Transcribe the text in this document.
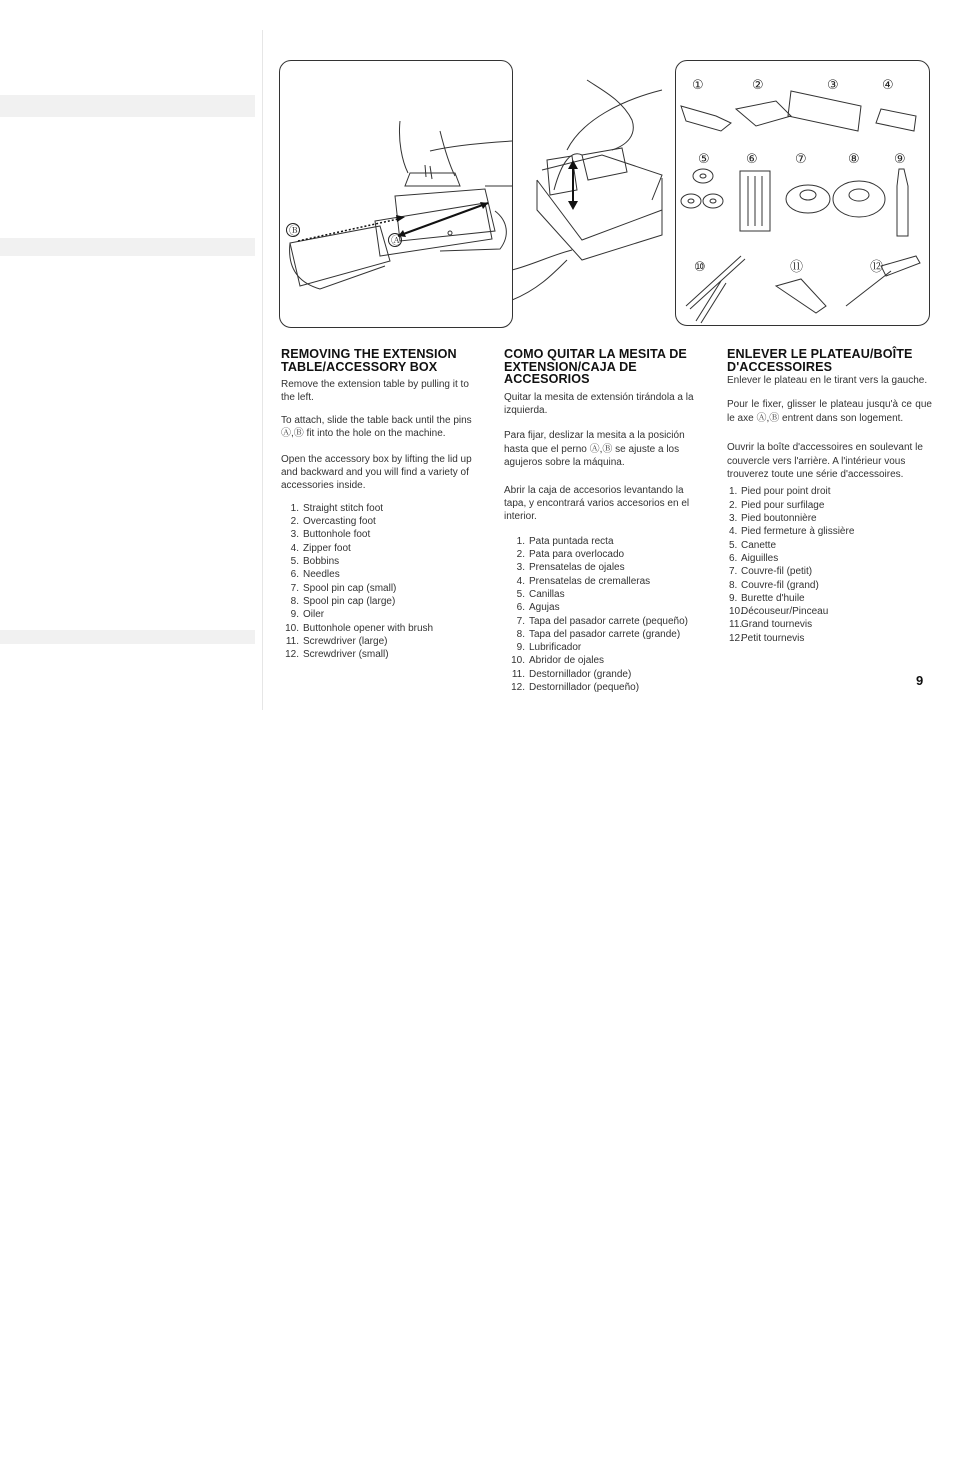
Ⓑ
Ⓐ
①	②	③	④
⑤	⑥	⑦	⑧	⑨
⑩	⑪	⑫
REMOVING THE EXTENSION TABLE/ACCESSORY BOX

Remove the extension table by pulling it to the left.

To attach, slide the table back until the pins Ⓐ,Ⓑ fit into the hole on the machine.

Open the accessory box by lifting the lid up and backward and you will find a variety of accessories inside.

1. Straight stitch foot
2. Overcasting foot
3. Buttonhole foot
4. Zipper foot
5. Bobbins
6. Needles
7. Spool pin cap (small)
8. Spool pin cap (large)
9. Oiler
10. Buttonhole opener with brush
11. Screwdriver (large)
12. Screwdriver (small)
COMO QUITAR LA MESITA DE EXTENSION/CAJA DE ACCESORIOS

Quitar la mesita de extensión tirándola a la izquierda.

Para fijar, deslizar la mesita a la posición hasta que el perno Ⓐ,Ⓑ se ajuste a los agujeros sobre la máquina.

Abrir la caja de accesorios levantando la tapa, y encontrará varios accesorios en el interior.

1. Pata puntada recta
2. Pata para overlocado
3. Prensatelas de ojales
4. Prensatelas de cremalleras
5. Canillas
6. Agujas
7. Tapa del pasador carrete (pequeño)
8. Tapa del pasador carrete (grande)
9. Lubrificador
10. Abridor de ojales
11. Destornillador (grande)
12. Destornillador (pequeño)
ENLEVER LE PLATEAU/BOÎTE D'ACCESSOIRES

Enlever le plateau en le tirant vers la gauche.

Pour le fixer, glisser le plateau jusqu'à ce que le axe Ⓐ,Ⓑ entrent dans son logement.

Ouvrir la boîte d'accessoires en soulevant le couvercle vers l'arrière. A l'intérieur vous trouverez toute une série d'accessoires.

1. Pied pour point droit
2. Pied pour surfilage
3. Pied boutonnière
4. Pied fermeture à glissière
5. Canette
6. Aiguilles
7. Couvre-fil (petit)
8. Couvre-fil (grand)
9. Burette d'huile
10.
Découseur/Pinceau
11.
Grand tournevis
12.
Petit tournevis
9
